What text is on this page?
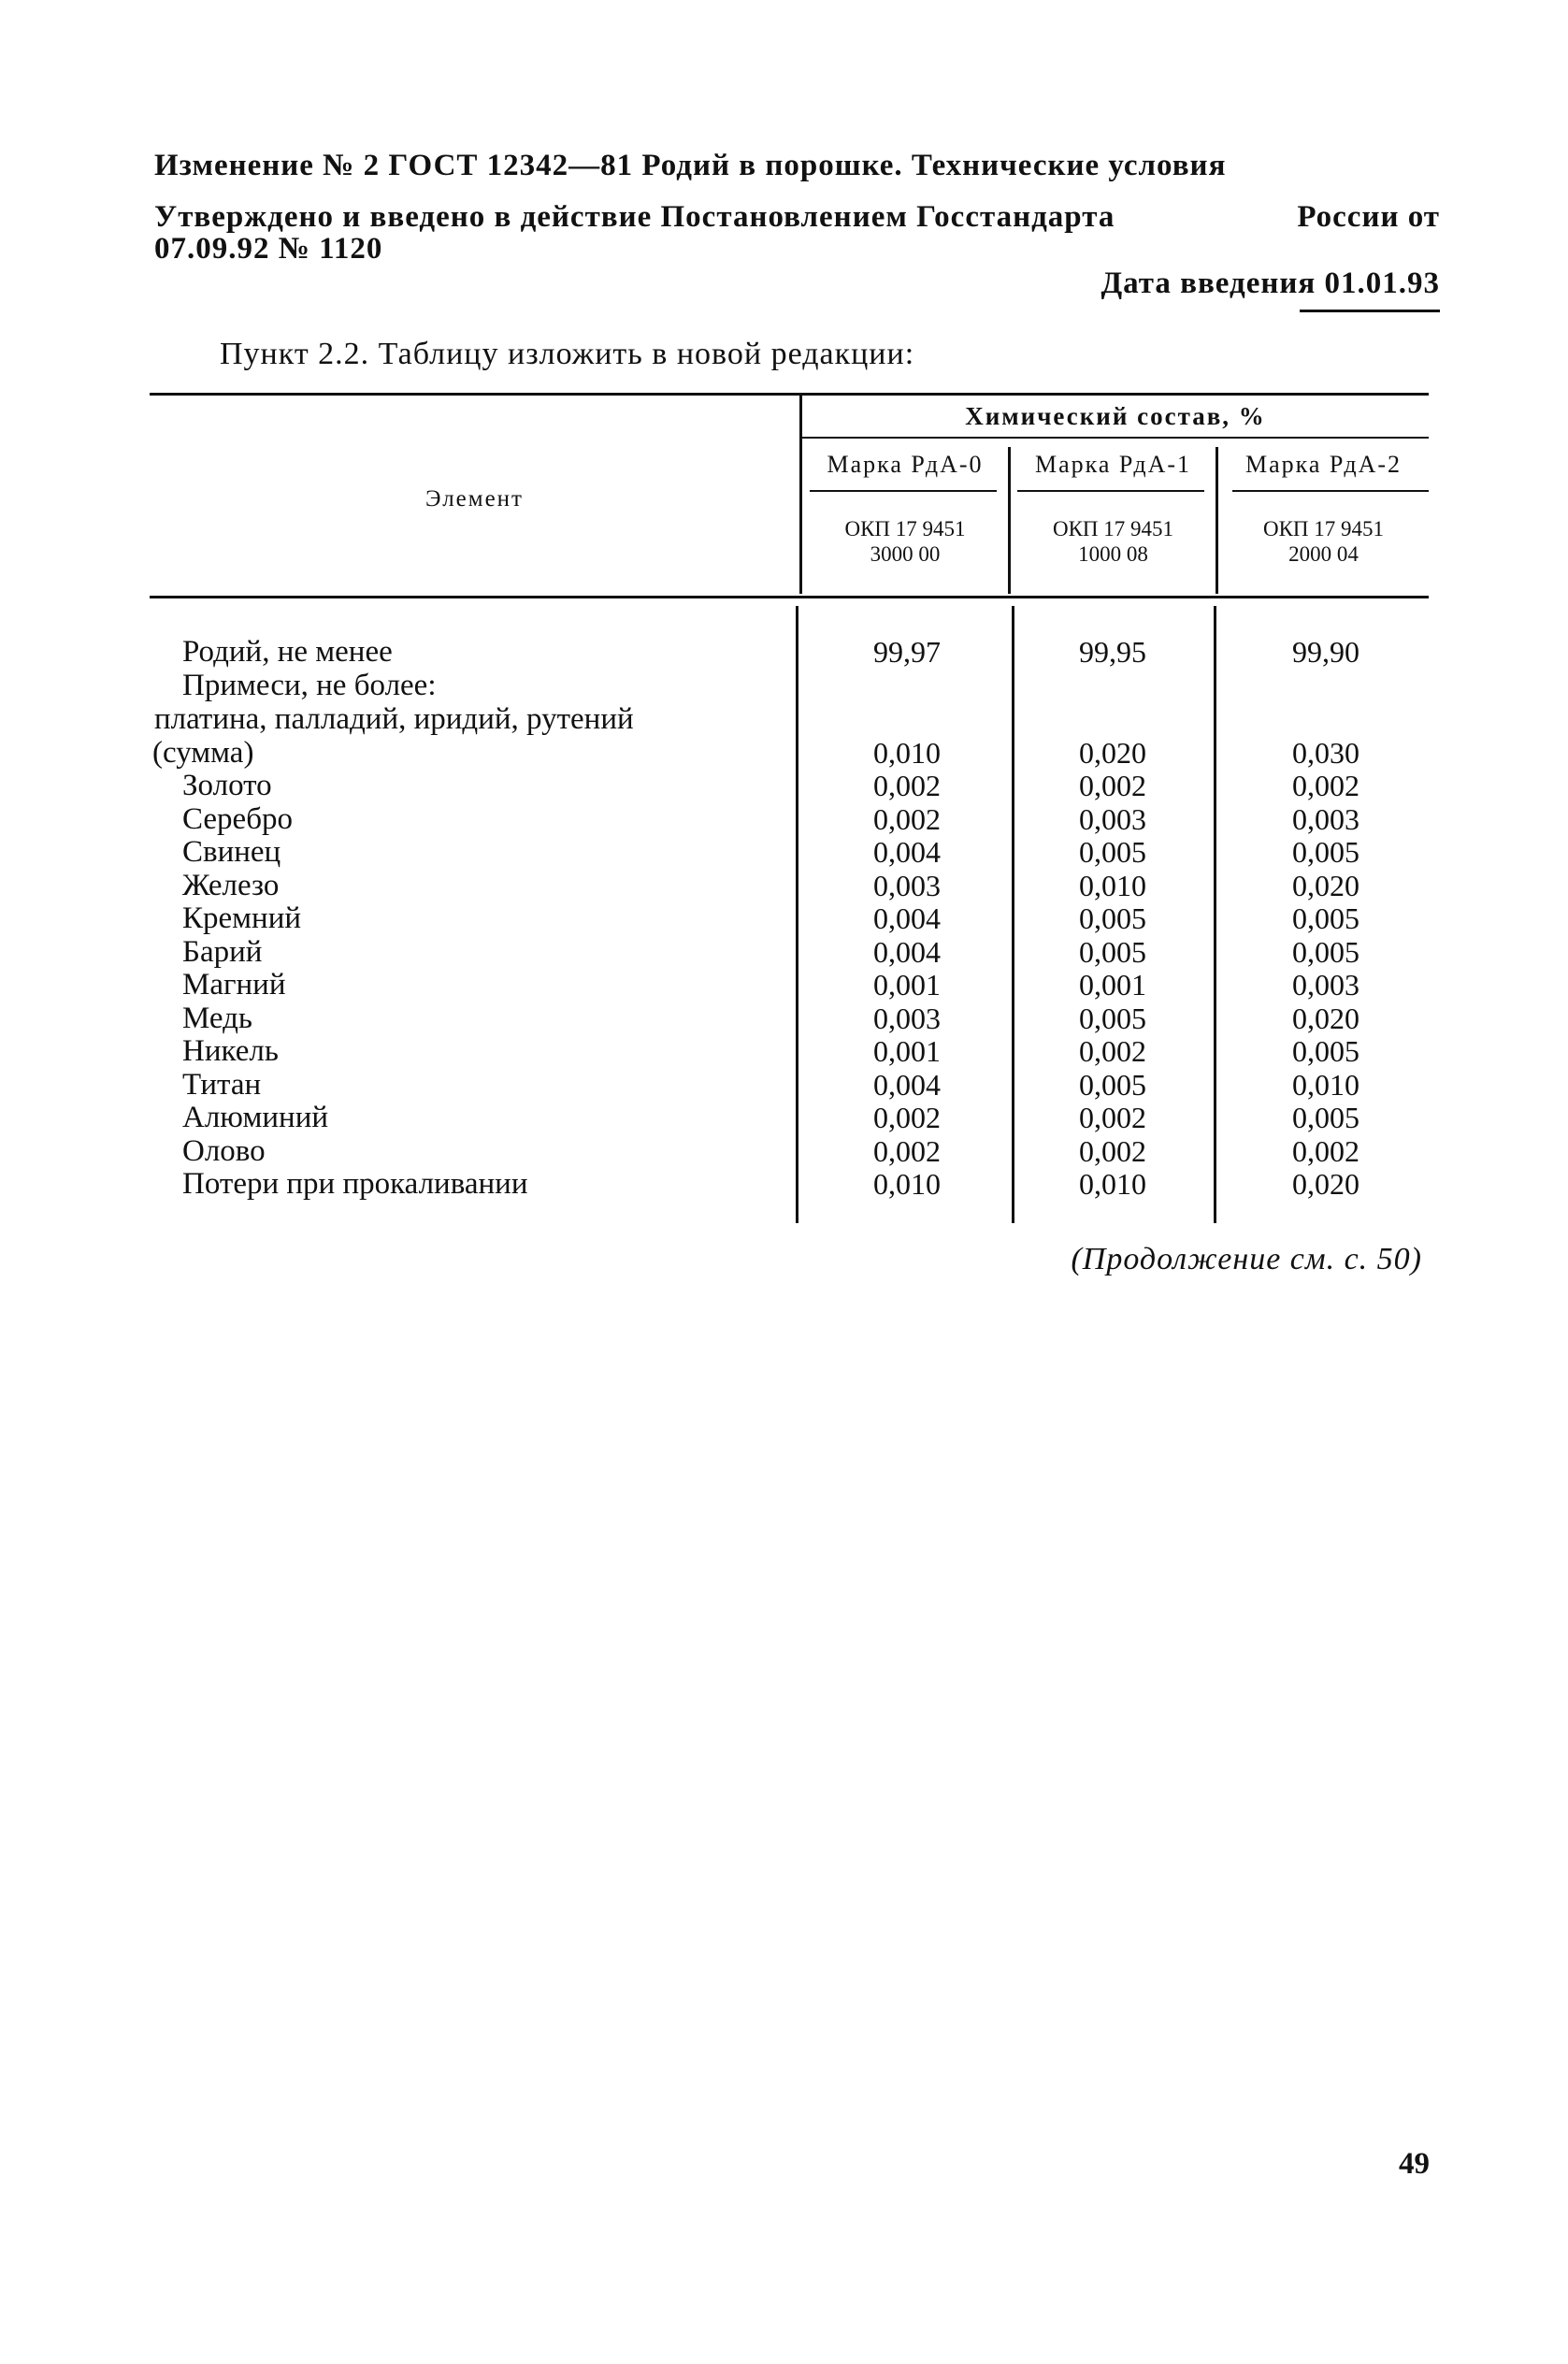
Изменение № 2 ГОСТ 12342—81 Родий в порошке. Технические условия
Утверждено и введено в действие Постановлением Госстандарта	России от
07.09.92 № 1120
Дата введения 01.01.93
Пункт 2.2. Таблицу изложить в новой редакции:
Химический состав, %
Элемент
Марка РдА-0	Марка РдА-1	Марка РдА-2
ОКП 17 9451
3000 00
ОКП 17 9451
1000 08
ОКП 17 9451
2000 04
Родий, не менее	99,97	99,95	99,90
Примеси, не более:
платина, палладий, иридий, рутений
(сумма)	0,010	0,020	0,030
Золото	0,002	0,002	0,002
Серебро	0,002	0,003	0,003
Свинец	0,004	0,005	0,005
Железо	0,003	0,010	0,020
Кремний	0,004	0,005	0,005
Барий	0,004	0,005	0,005
Магний	0,001	0,001	0,003
Медь	0,003	0,005	0,020
Никель	0,001	0,002	0,005
Титан	0,004	0,005	0,010
Алюминий	0,002	0,002	0,005
Олово	0,002	0,002	0,002
Потери при прокаливании	0,010	0,010	0,020
(Продолжение см. с. 50)
49
